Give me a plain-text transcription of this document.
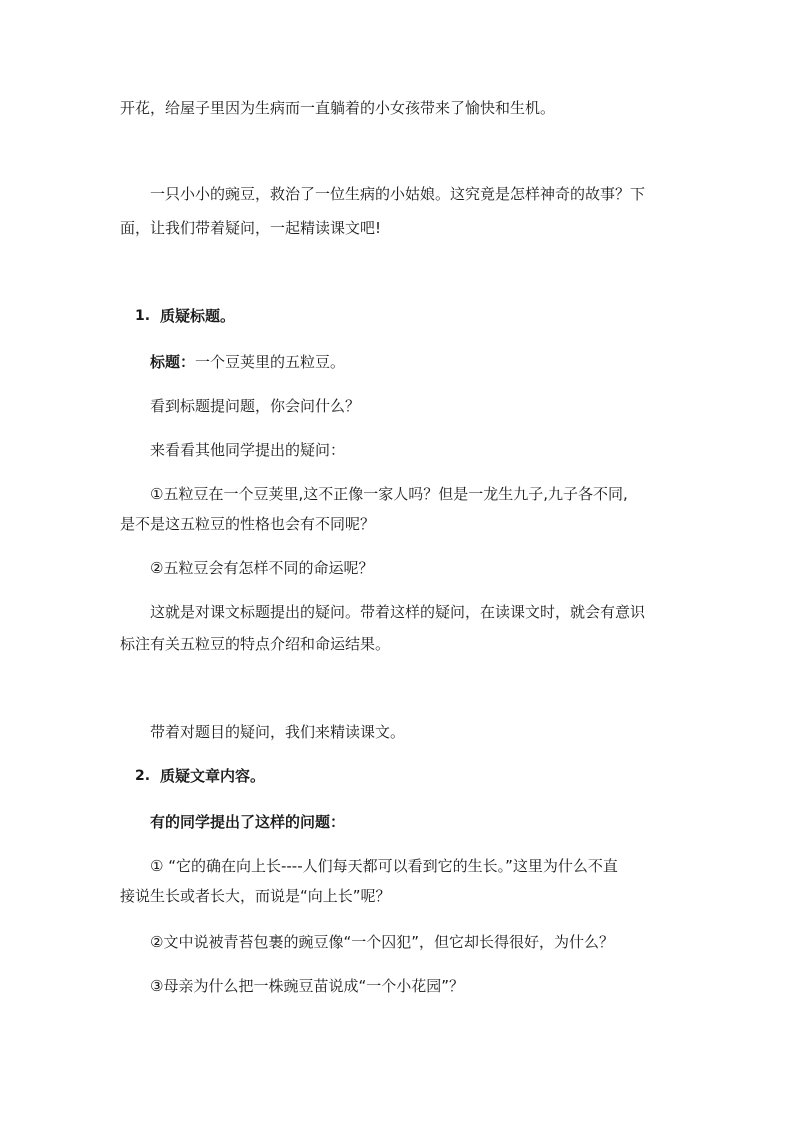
开花，给屋子里因为生病而一直躺着的小女孩带来了愉快和生机。
一只小小的豌豆，救治了一位生病的小姑娘。这究竟是怎样神奇的故事？下
面，让我们带着疑问，一起精读课文吧!
1. 质疑标题。
标题：一个豆荚里的五粒豆。
看到标题提问题，你会问什么？
来看看其他同学提出的疑问：
①五粒豆在一个豆荚里,这不正像一家人吗？但是一龙生九子,九子各不同,
是不是这五粒豆的性格也会有不同呢？
②五粒豆会有怎样不同的命运呢？
这就是对课文标题提出的疑问。带着这样的疑问，在读课文时，就会有意识
标注有关五粒豆的特点介绍和命运结果。
带着对题目的疑问，我们来精读课文。
2. 质疑文章内容。
有的同学提出了这样的问题：
① “它的确在向上长----人们每天都可以看到它的生长。”这里为什么不直
接说生长或者长大，而说是“向上长”呢？
②文中说被青苔包裹的豌豆像“一个囚犯”，但它却长得很好，为什么？
③母亲为什么把一株豌豆苗说成“一个小花园”？
